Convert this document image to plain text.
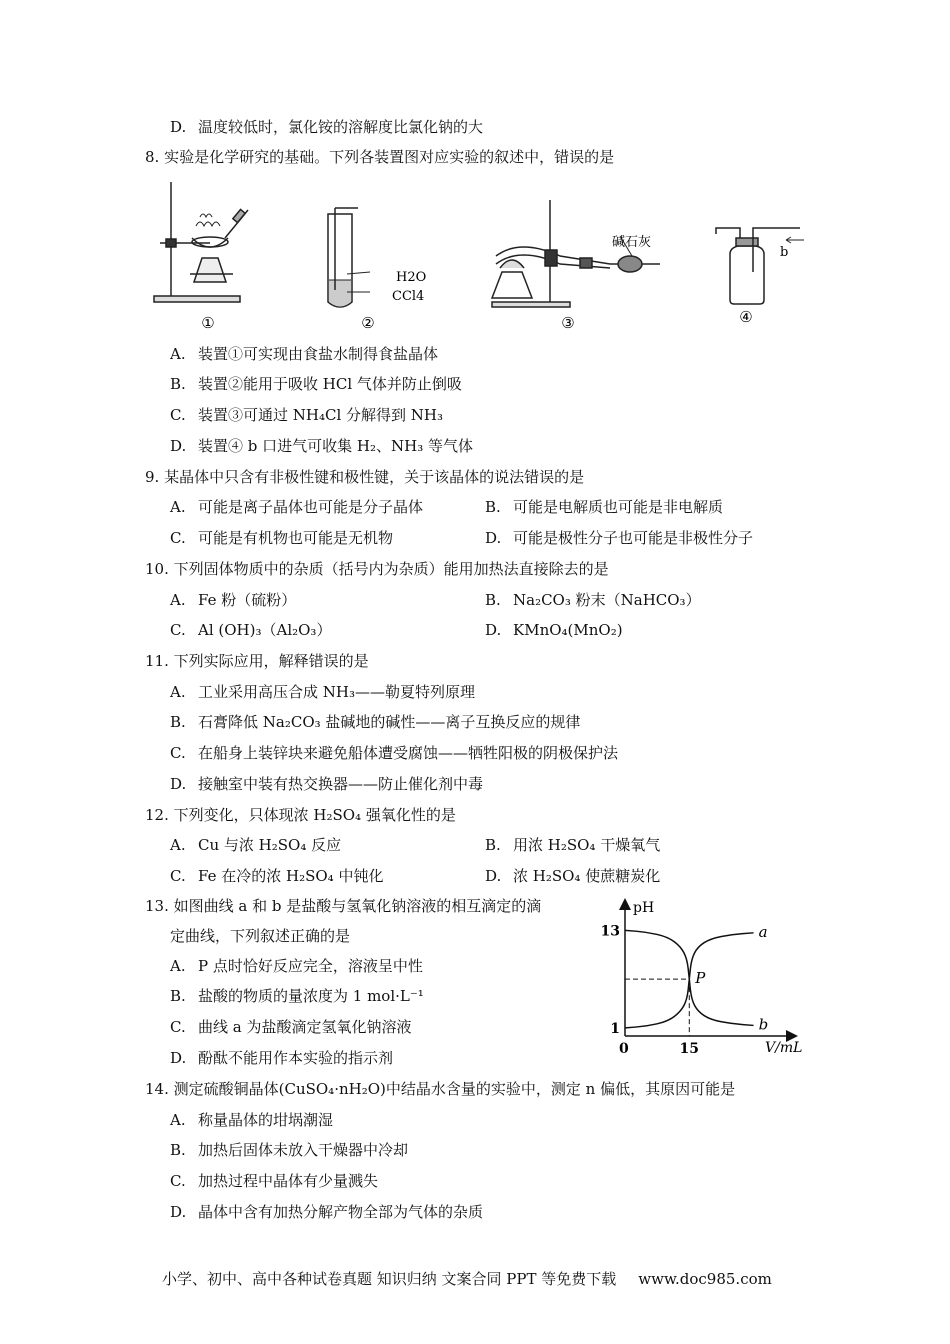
D. 温度较低时，氯化铵的溶解度比氯化钠的大
8. 实验是化学研究的基础。下列各装置图对应实验的叙述中，错误的是
①
H2O
CCl4
②
碱石灰
③
b
④
A. 装置①可实现由食盐水制得食盐晶体
B. 装置②能用于吸收 HCl 气体并防止倒吸
C. 装置③可通过 NH₄Cl 分解得到 NH₃
D. 装置④ b 口进气可收集 H₂、NH₃ 等气体
9. 某晶体中只含有非极性键和极性键，关于该晶体的说法错误的是
A. 可能是离子晶体也可能是分子晶体	B. 可能是电解质也可能是非电解质
C. 可能是有机物也可能是无机物	D. 可能是极性分子也可能是非极性分子
10. 下列固体物质中的杂质（括号内为杂质）能用加热法直接除去的是
A. Fe 粉（硫粉）	B. Na₂CO₃ 粉末（NaHCO₃）
C. Al (OH)₃（Al₂O₃）	D. KMnO₄(MnO₂)
11. 下列实际应用，解释错误的是
A. 工业采用高压合成 NH₃——勒夏特列原理
B. 石膏降低 Na₂CO₃ 盐碱地的碱性——离子互换反应的规律
C. 在船身上装锌块来避免船体遭受腐蚀——牺牲阳极的阴极保护法
D. 接触室中装有热交换器——防止催化剂中毒
12. 下列变化，只体现浓 H₂SO₄ 强氧化性的是
A. Cu 与浓 H₂SO₄ 反应	B. 用浓 H₂SO₄ 干燥氧气
C. Fe 在冷的浓 H₂SO₄ 中钝化	D. 浓 H₂SO₄ 使蔗糖炭化
13. 如图曲线 a 和 b 是盐酸与氢氧化钠溶液的相互滴定的滴
定曲线，下列叙述正确的是
A. P 点时恰好反应完全，溶液呈中性
B. 盐酸的物质的量浓度为 1 mol·L⁻¹
C. 曲线 a 为盐酸滴定氢氧化钠溶液
D. 酚酞不能用作本实验的指示剂
pH
V/mL
0
13
1
15
a
b
P
14. 测定硫酸铜晶体(CuSO₄·nH₂O)中结晶水含量的实验中，测定 n 偏低，其原因可能是
A. 称量晶体的坩埚潮湿
B. 加热后固体未放入干燥器中冷却
C. 加热过程中晶体有少量溅失
D. 晶体中含有加热分解产物全部为气体的杂质
小学、初中、高中各种试卷真题 知识归纳 文案合同 PPT 等免费下载 www.doc985.com
